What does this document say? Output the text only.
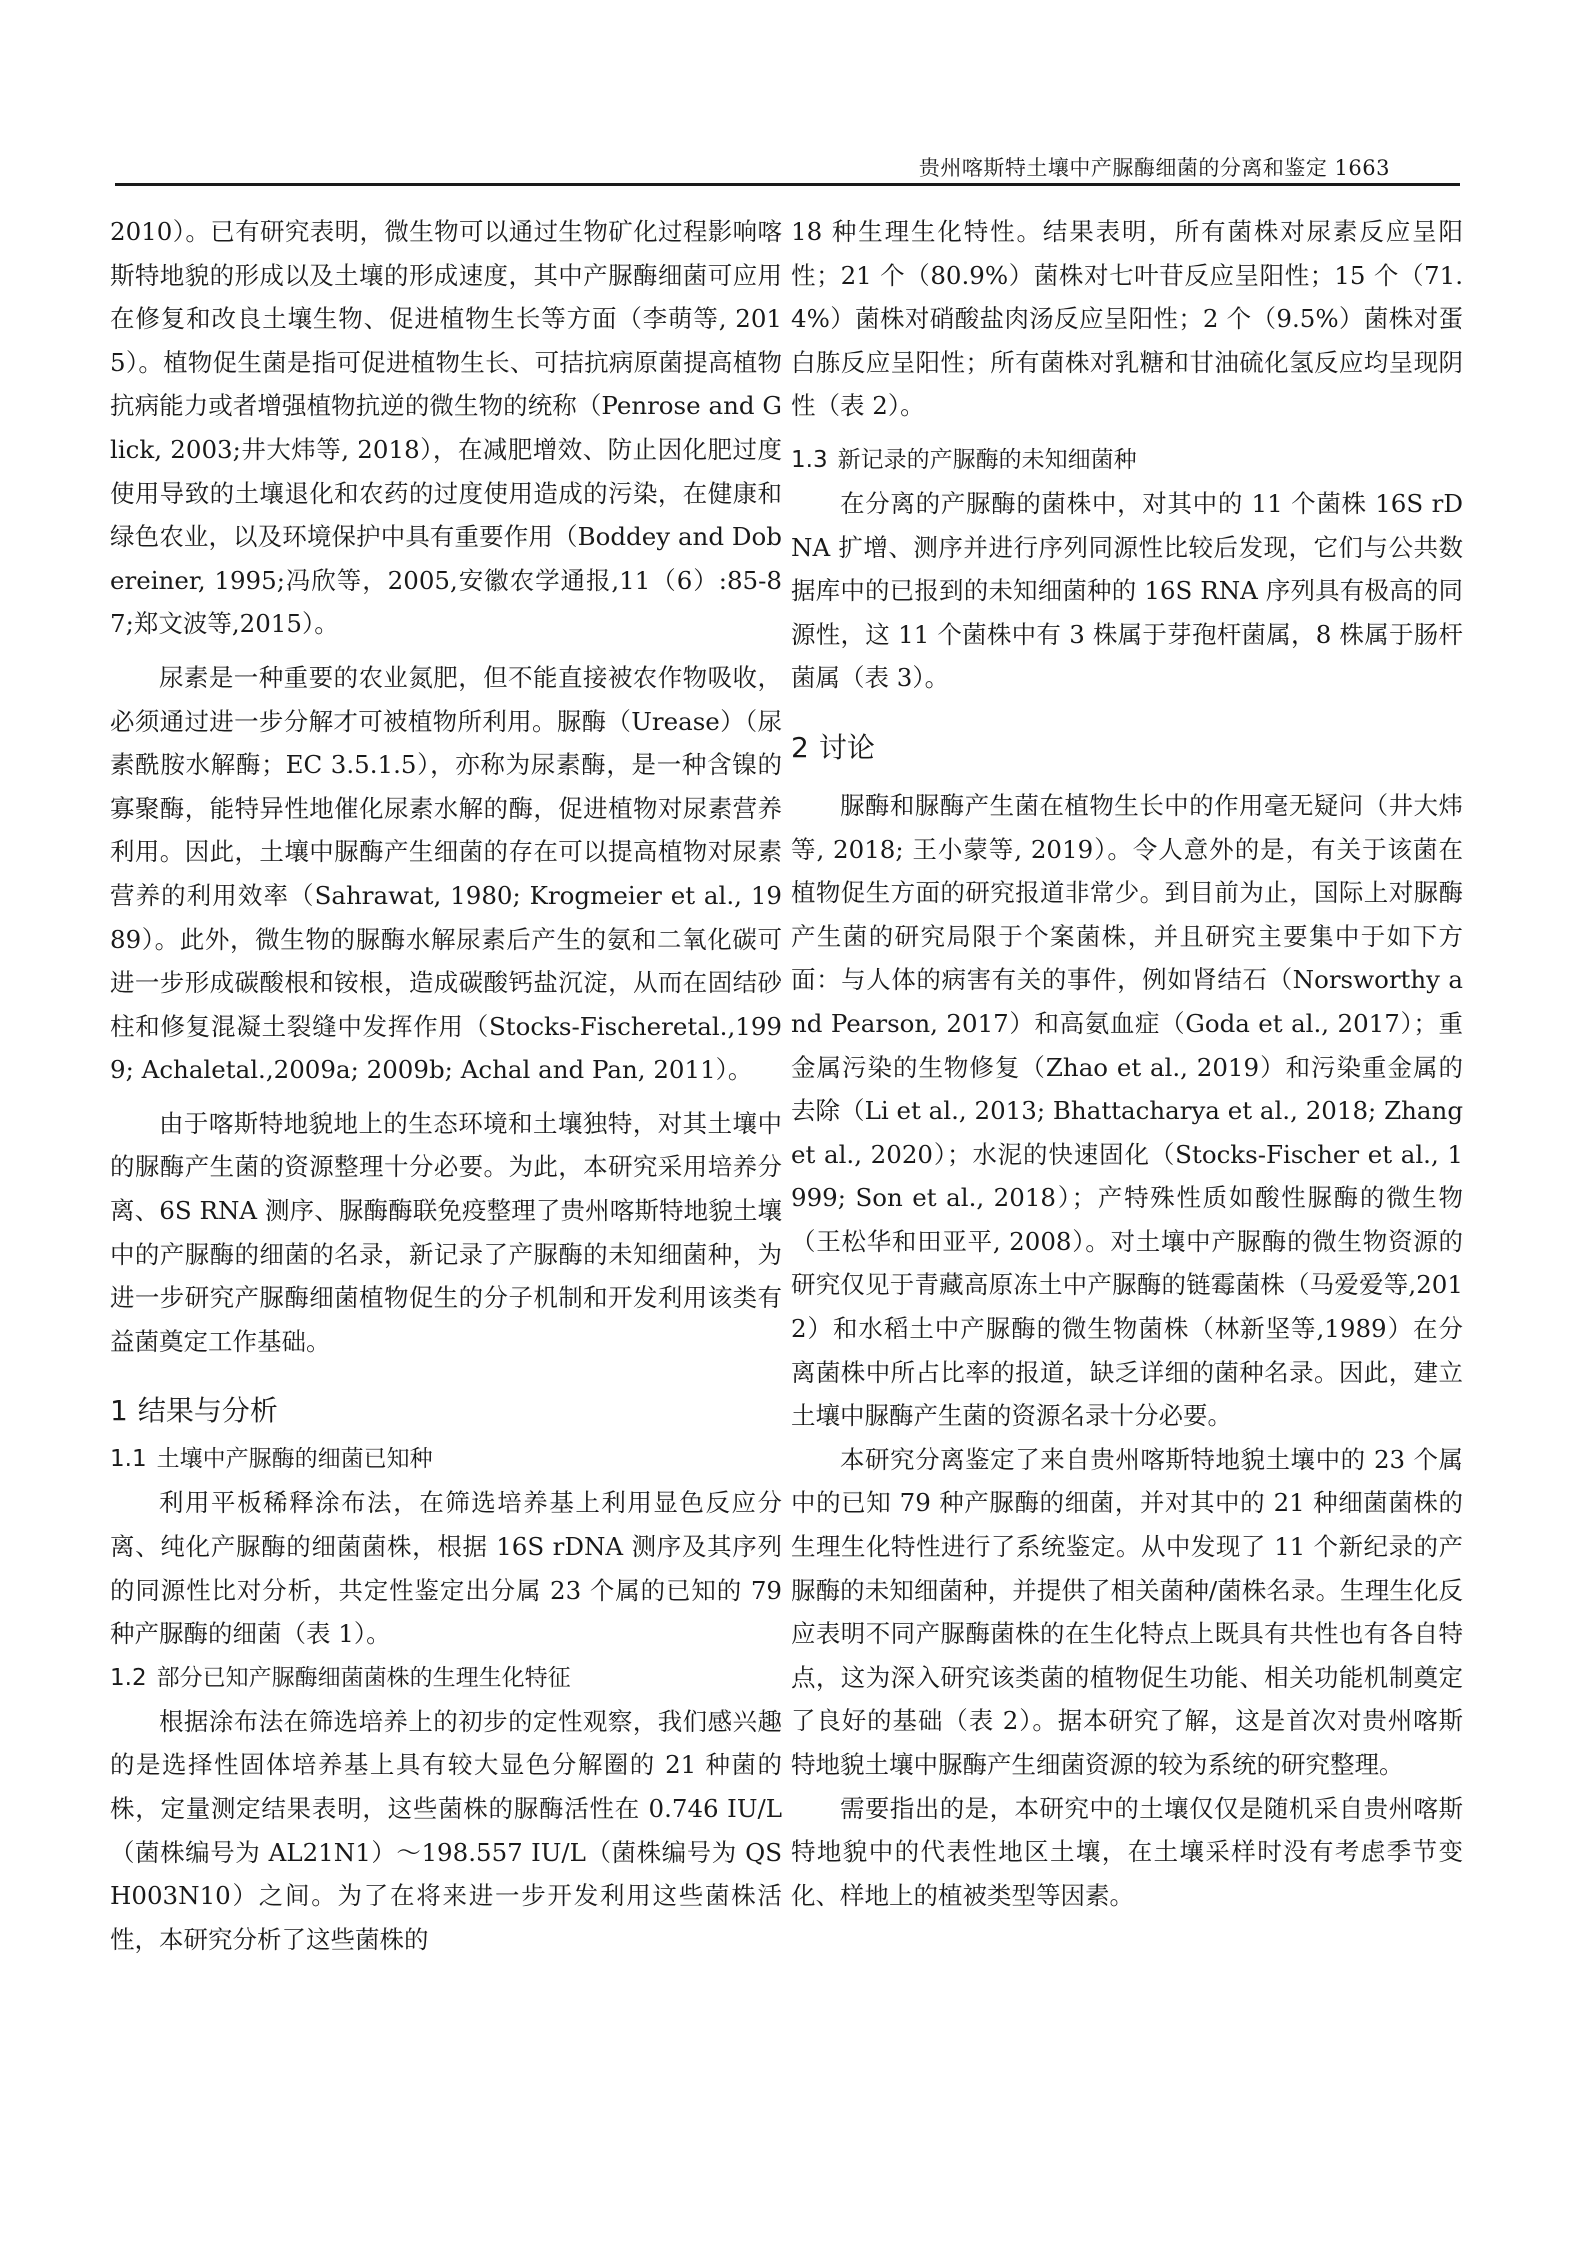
贵州喀斯特土壤中产脲酶细菌的分离和鉴定 1663

2010）。已有研究表明，微生物可以通过生物矿化过程影响喀斯特地貌的形成以及土壤的形成速度，其中产脲酶细菌可应用在修复和改良土壤生物、促进植物生长等方面（李萌等, 2015）。植物促生菌是指可促进植物生长、可拮抗病原菌提高植物抗病能力或者增强植物抗逆的微生物的统称（Penrose and Glick, 2003;井大炜等, 2018），在减肥增效、防止因化肥过度使用导致的土壤退化和农药的过度使用造成的污染，在健康和绿色农业，以及环境保护中具有重要作用（Boddey and Dobereiner, 1995;冯欣等，2005,安徽农学通报,11（6）:85-87;郑文波等,2015）。

尿素是一种重要的农业氮肥，但不能直接被农作物吸收，必须通过进一步分解才可被植物所利用。脲酶（Urease）（尿素酰胺水解酶；EC 3.5.1.5），亦称为尿素酶，是一种含镍的寡聚酶，能特异性地催化尿素水解的酶，促进植物对尿素营养利用。因此，土壤中脲酶产生细菌的存在可以提高植物对尿素营养的利用效率（Sahrawat, 1980; Krogmeier et al., 1989）。此外，微生物的脲酶水解尿素后产生的氨和二氧化碳可进一步形成碳酸根和铵根，造成碳酸钙盐沉淀，从而在固结砂柱和修复混凝土裂缝中发挥作用（Stocks-Fischeretal.,1999; Achaletal.,2009a; 2009b; Achal and Pan, 2011）。

由于喀斯特地貌地上的生态环境和土壤独特，对其土壤中的脲酶产生菌的资源整理十分必要。为此，本研究采用培养分离、6S RNA 测序、脲酶酶联免疫整理了贵州喀斯特地貌土壤中的产脲酶的细菌的名录，新记录了产脲酶的未知细菌种，为进一步研究产脲酶细菌植物促生的分子机制和开发利用该类有益菌奠定工作基础。

1 结果与分析
1.1 土壤中产脲酶的细菌已知种

利用平板稀释涂布法，在筛选培养基上利用显色反应分离、纯化产脲酶的细菌菌株，根据 16S rDNA 测序及其序列的同源性比对分析，共定性鉴定出分属 23 个属的已知的 79 种产脲酶的细菌（表 1）。

1.2 部分已知产脲酶细菌菌株的生理生化特征

根据涂布法在筛选培养上的初步的定性观察，我们感兴趣的是选择性固体培养基上具有较大显色分解圈的 21 种菌的株，定量测定结果表明，这些菌株的脲酶活性在 0.746 IU/L（菌株编号为 AL21N1）～198.557 IU/L（菌株编号为 QSH003N10）之间。为了在将来进一步开发利用这些菌株活性，本研究分析了这些菌株的

18 种生理生化特性。结果表明，所有菌株对尿素反应呈阳性；21 个（80.9%）菌株对七叶苷反应呈阳性；15 个（71.4%）菌株对硝酸盐肉汤反应呈阳性；2 个（9.5%）菌株对蛋白胨反应呈阳性；所有菌株对乳糖和甘油硫化氢反应均呈现阴性（表 2）。

1.3 新记录的产脲酶的未知细菌种

在分离的产脲酶的菌株中，对其中的 11 个菌株 16S rDNA 扩增、测序并进行序列同源性比较后发现，它们与公共数据库中的已报到的未知细菌种的 16S RNA 序列具有极高的同源性，这 11 个菌株中有 3 株属于芽孢杆菌属，8 株属于肠杆菌属（表 3）。

2 讨论

脲酶和脲酶产生菌在植物生长中的作用毫无疑问（井大炜等, 2018; 王小蒙等, 2019）。令人意外的是，有关于该菌在植物促生方面的研究报道非常少。到目前为止，国际上对脲酶产生菌的研究局限于个案菌株，并且研究主要集中于如下方面：与人体的病害有关的事件，例如肾结石（Norsworthy and Pearson, 2017）和高氨血症（Goda et al., 2017）；重金属污染的生物修复（Zhao et al., 2019）和污染重金属的去除（Li et al., 2013; Bhattacharya et al., 2018; Zhang et al., 2020）；水泥的快速固化（Stocks-Fischer et al., 1999; Son et al., 2018）；产特殊性质如酸性脲酶的微生物（王松华和田亚平, 2008）。对土壤中产脲酶的微生物资源的研究仅见于青藏高原冻土中产脲酶的链霉菌株（马爱爱等,2012）和水稻土中产脲酶的微生物菌株（林新坚等,1989）在分离菌株中所占比率的报道，缺乏详细的菌种名录。因此，建立土壤中脲酶产生菌的资源名录十分必要。

本研究分离鉴定了来自贵州喀斯特地貌土壤中的 23 个属中的已知 79 种产脲酶的细菌，并对其中的 21 种细菌菌株的生理生化特性进行了系统鉴定。从中发现了 11 个新纪录的产脲酶的未知细菌种，并提供了相关菌种/菌株名录。生理生化反应表明不同产脲酶菌株的在生化特点上既具有共性也有各自特点，这为深入研究该类菌的植物促生功能、相关功能机制奠定了良好的基础（表 2）。据本研究了解，这是首次对贵州喀斯特地貌土壤中脲酶产生细菌资源的较为系统的研究整理。

需要指出的是，本研究中的土壤仅仅是随机采自贵州喀斯特地貌中的代表性地区土壤，在土壤采样时没有考虑季节变化、样地上的植被类型等因素。
